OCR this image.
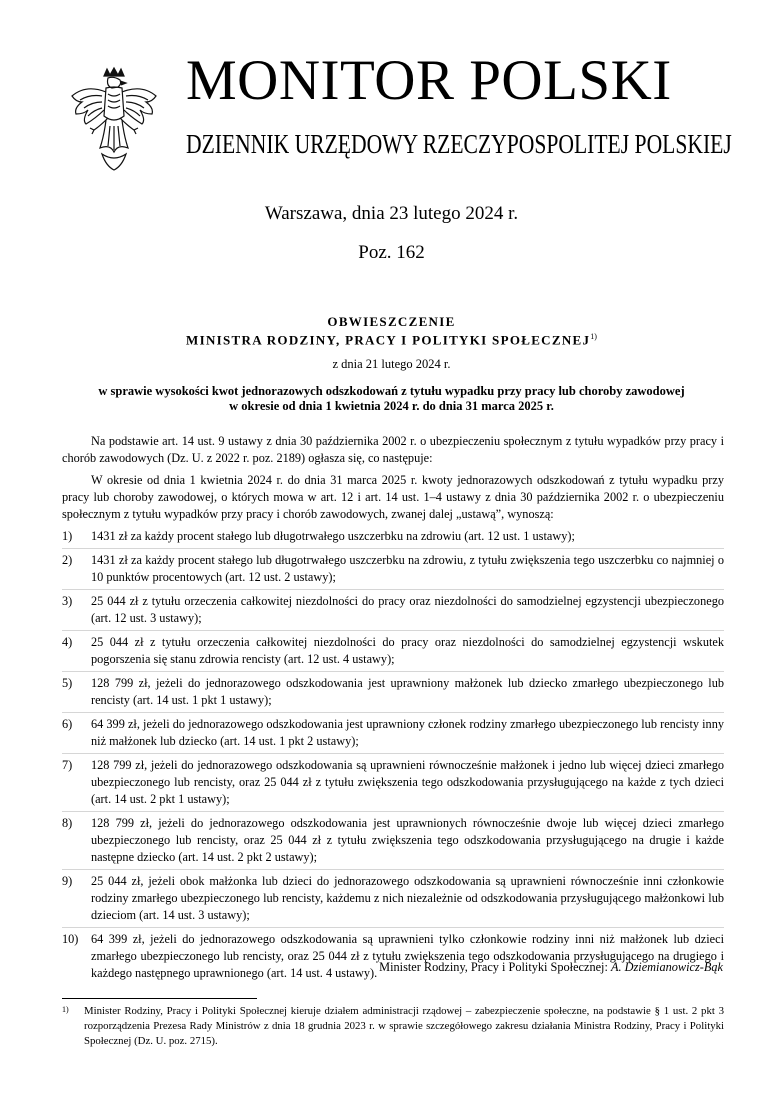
MONITOR POLSKI
DZIENNIK URZĘDOWY RZECZYPOSPOLITEJ POLSKIEJ
Warszawa, dnia 23 lutego 2024 r.
Poz. 162
OBWIESZCZENIE
MINISTRA RODZINY, PRACY I POLITYKI SPOŁECZNEJ$^{1)}$
z dnia 21 lutego 2024 r.
w sprawie wysokości kwot jednorazowych odszkodowań z tytułu wypadku przy pracy lub choroby zawodowej
w okresie od dnia 1 kwietnia 2024 r. do dnia 31 marca 2025 r.

Na podstawie art. 14 ust. 9 ustawy z dnia 30 października 2002 r. o ubezpieczeniu społecznym z tytułu wypadków przy pracy i chorób zawodowych (Dz. U. z 2022 r. poz. 2189) ogłasza się, co następuje:

W okresie od dnia 1 kwietnia 2024 r. do dnia 31 marca 2025 r. kwoty jednorazowych odszkodowań z tytułu wypadku przy pracy lub choroby zawodowej, o których mowa w art. 12 i art. 14 ust. 1–4 ustawy z dnia 30 października 2002 r. o ubezpieczeniu społecznym z tytułu wypadków przy pracy i chorób zawodowych, zwanej dalej „ustawą”, wynoszą:

1) 1431 zł za każdy procent stałego lub długotrwałego uszczerbku na zdrowiu (art. 12 ust. 1 ustawy);
2) 1431 zł za każdy procent stałego lub długotrwałego uszczerbku na zdrowiu, z tytułu zwiększenia tego uszczerbku co najmniej o 10 punktów procentowych (art. 12 ust. 2 ustawy);
3) 25 044 zł z tytułu orzeczenia całkowitej niezdolności do pracy oraz niezdolności do samodzielnej egzystencji ubezpieczonego (art. 12 ust. 3 ustawy);
4) 25 044 zł z tytułu orzeczenia całkowitej niezdolności do pracy oraz niezdolności do samodzielnej egzystencji wskutek pogorszenia się stanu zdrowia rencisty (art. 12 ust. 4 ustawy);
5) 128 799 zł, jeżeli do jednorazowego odszkodowania jest uprawniony małżonek lub dziecko zmarłego ubezpieczonego lub rencisty (art. 14 ust. 1 pkt 1 ustawy);
6) 64 399 zł, jeżeli do jednorazowego odszkodowania jest uprawniony członek rodziny zmarłego ubezpieczonego lub rencisty inny niż małżonek lub dziecko (art. 14 ust. 1 pkt 2 ustawy);
7) 128 799 zł, jeżeli do jednorazowego odszkodowania są uprawnieni równocześnie małżonek i jedno lub więcej dzieci zmarłego ubezpieczonego lub rencisty, oraz 25 044 zł z tytułu zwiększenia tego odszkodowania przysługującego na każde z tych dzieci (art. 14 ust. 2 pkt 1 ustawy);
8) 128 799 zł, jeżeli do jednorazowego odszkodowania jest uprawnionych równocześnie dwoje lub więcej dzieci zmarłego ubezpieczonego lub rencisty, oraz 25 044 zł z tytułu zwiększenia tego odszkodowania przysługującego na drugie i każde następne dziecko (art. 14 ust. 2 pkt 2 ustawy);
9) 25 044 zł, jeżeli obok małżonka lub dzieci do jednorazowego odszkodowania są uprawnieni równocześnie inni członkowie rodziny zmarłego ubezpieczonego lub rencisty, każdemu z nich niezależnie od odszkodowania przysługującego małżonkowi lub dzieciom (art. 14 ust. 3 ustawy);
10) 64 399 zł, jeżeli do jednorazowego odszkodowania są uprawnieni tylko członkowie rodziny inni niż małżonek lub dzieci zmarłego ubezpieczonego lub rencisty, oraz 25 044 zł z tytułu zwiększenia tego odszkodowania przysługującego na drugiego i każdego następnego uprawnionego (art. 14 ust. 4 ustawy). Minister Rodziny, Pracy i Polityki Społecznej: A. Dziemianowicz-Bąk
1)	Minister Rodziny, Pracy i Polityki Społecznej kieruje działem administracji rządowej – zabezpieczenie społeczne, na podstawie § 1 ust. 2 pkt 3 rozporządzenia Prezesa Rady Ministrów z dnia 18 grudnia 2023 r. w sprawie szczegółowego zakresu działania Ministra Rodziny, Pracy i Polityki Społecznej (Dz. U. poz. 2715).
